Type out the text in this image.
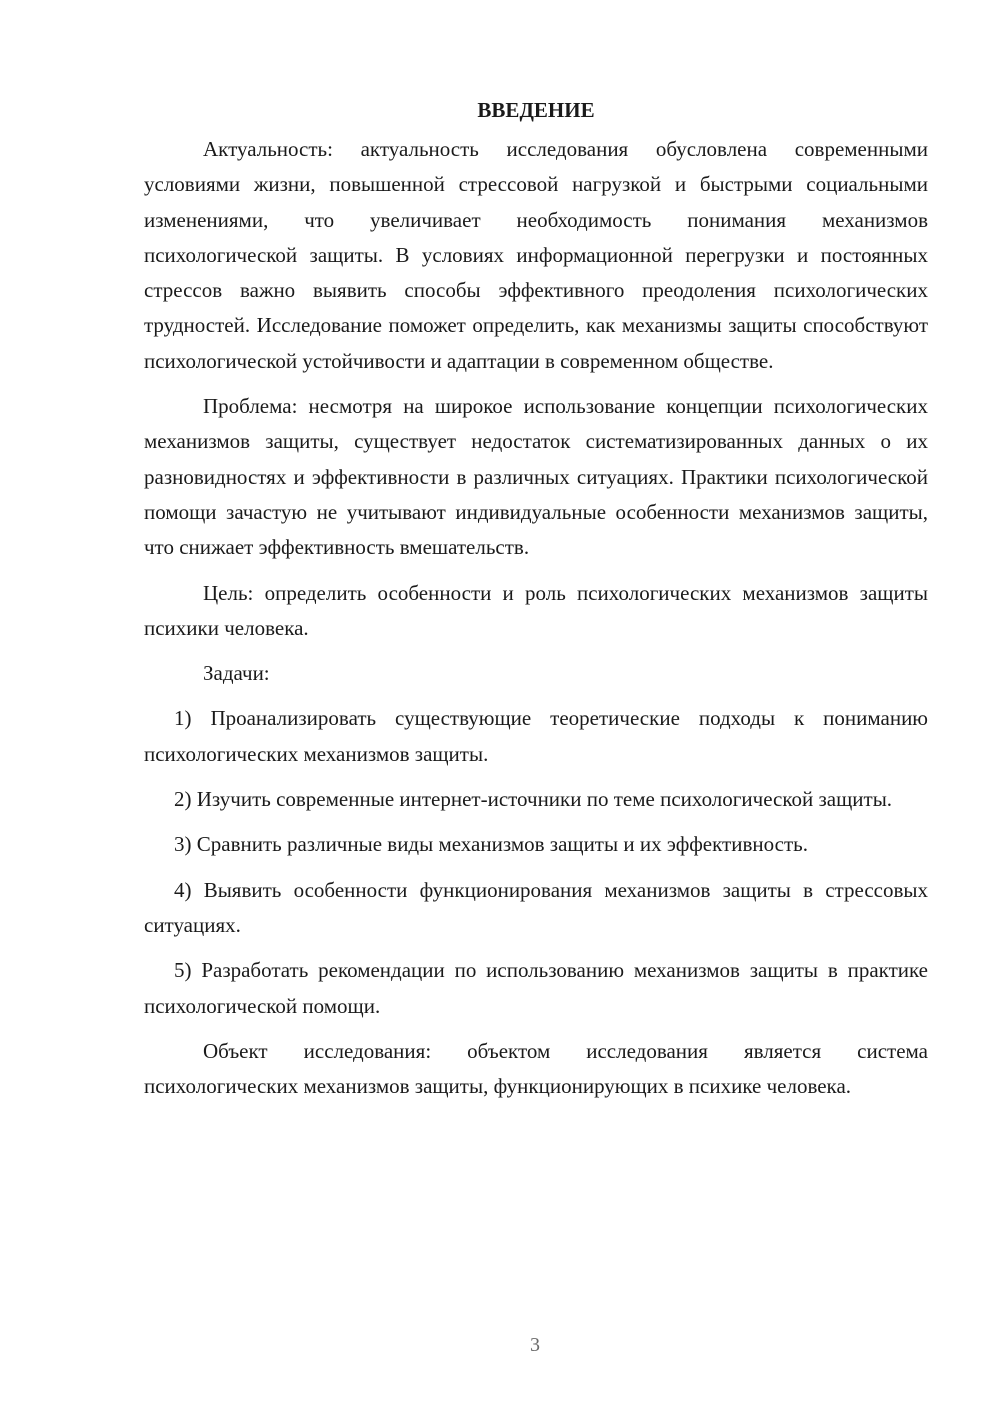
ВВЕДЕНИЕ

Актуальность: актуальность исследования обусловлена современными условиями жизни, повышенной стрессовой нагрузкой и быстрыми социальными изменениями, что увеличивает необходимость понимания механизмов психологической защиты. В условиях информационной перегрузки и постоянных стрессов важно выявить способы эффективного преодоления психологических трудностей. Исследование поможет определить, как механизмы защиты способствуют психологической устойчивости и адаптации в современном обществе.

Проблема: несмотря на широкое использование концепции психологических механизмов защиты, существует недостаток систематизированных данных о их разновидностях и эффективности в различных ситуациях. Практики психологической помощи зачастую не учитывают индивидуальные особенности механизмов защиты, что снижает эффективность вмешательств.

Цель: определить особенности и роль психологических механизмов защиты психики человека.

Задачи:

1) Проанализировать существующие теоретические подходы к пониманию психологических механизмов защиты.

2) Изучить современные интернет-источники по теме психологической защиты.

3) Сравнить различные виды механизмов защиты и их эффективность.

4) Выявить особенности функционирования механизмов защиты в стрессовых ситуациях.

5) Разработать рекомендации по использованию механизмов защиты в практике психологической помощи.

Объект исследования: объектом исследования является система психологических механизмов защиты, функционирующих в психике человека.

3
